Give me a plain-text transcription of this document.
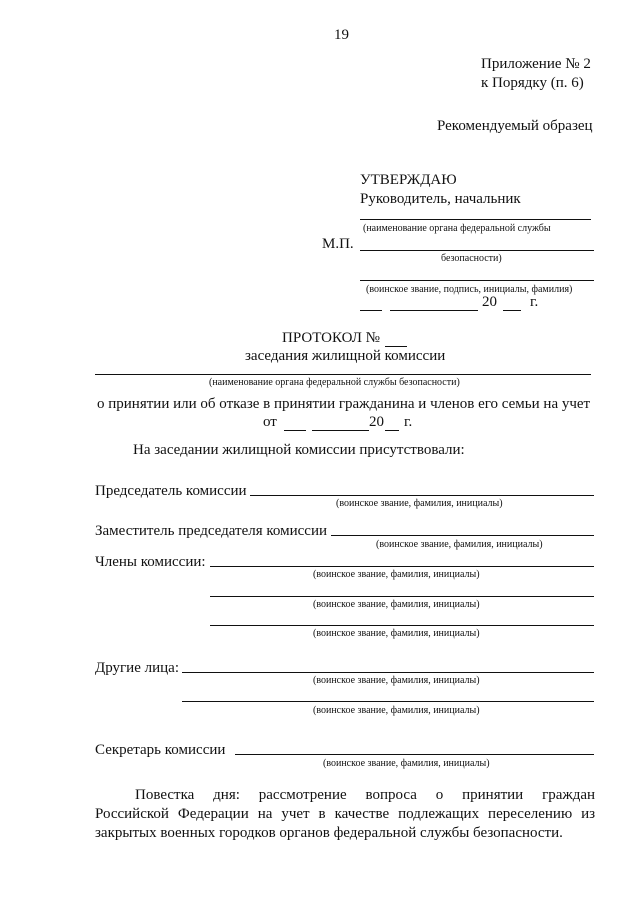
19
Приложение № 2
к Порядку (п. 6)
Рекомендуемый образец
УТВЕРЖДАЮ
Руководитель, начальник
(наименование органа федеральной службы
М.П.
безопасности)
(воинское звание, подпись, инициалы, фамилия)
20 г.
ПРОТОКОЛ №
заседания жилищной комиссии
(наименование органа федеральной службы безопасности)
о принятии или об отказе в принятии гражданина и членов его семьи на учет
от	20 г.
На заседании жилищной комиссии присутствовали:
Председатель комиссии
(воинское звание, фамилия, инициалы)
Заместитель председателя комиссии
(воинское звание, фамилия, инициалы)
Члены комиссии:
(воинское звание, фамилия, инициалы)
(воинское звание, фамилия, инициалы)
(воинское звание, фамилия, инициалы)
Другие лица:
(воинское звание, фамилия, инициалы)
(воинское звание, фамилия, инициалы)
Секретарь комиссии
(воинское звание, фамилия, инициалы)
Повестка дня: рассмотрение вопроса о принятии граждан
Российской Федерации на учет в качестве подлежащих переселению из
закрытых военных городков органов федеральной службы безопасности.
